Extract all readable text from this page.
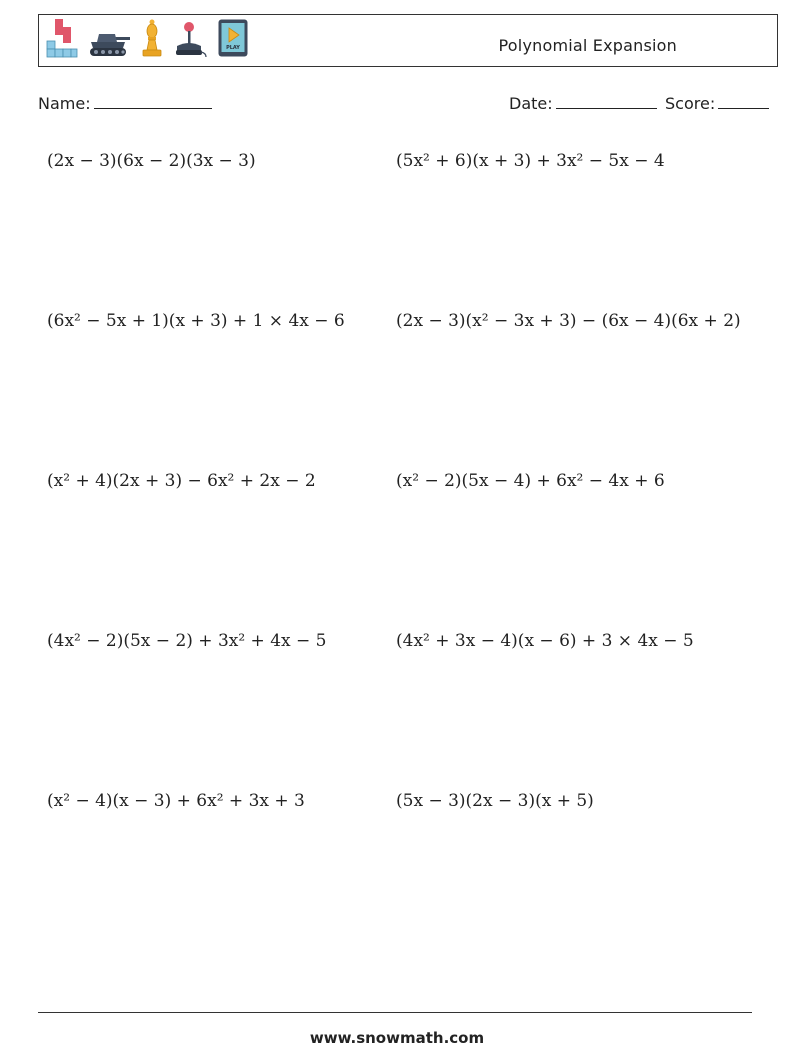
PLAY	Polynomial Expansion
Name:	Date:	Score:
(2x − 3)(6x − 2)(3x − 3)	(5x² + 6)(x + 3) + 3x² − 5x − 4
(6x² − 5x + 1)(x + 3) + 1 × 4x − 6	(2x − 3)(x² − 3x + 3) − (6x − 4)(6x + 2)
(x² + 4)(2x + 3) − 6x² + 2x − 2	(x² − 2)(5x − 4) + 6x² − 4x + 6
(4x² − 2)(5x − 2) + 3x² + 4x − 5	(4x² + 3x − 4)(x − 6) + 3 × 4x − 5
(x² − 4)(x − 3) + 6x² + 3x + 3	(5x − 3)(2x − 3)(x + 5)
www.snowmath.com
